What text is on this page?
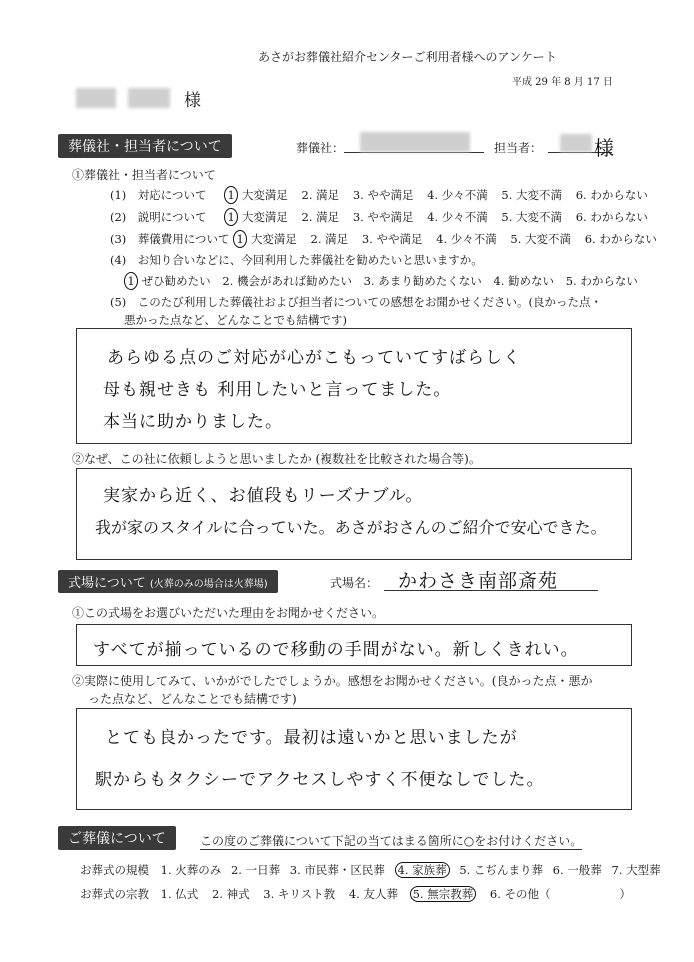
あさがお葬儀社紹介センターご利用者様へのアンケート
平成 29 年 8 月 17 日
様
葬儀社・担当者について	葬儀社：	担当者：	様
①葬儀社・担当者について
(1)　対応について 1 大変満足 2. 満足 3. やや満足 4. 少々不満 5. 大変不満 6. わからない
(2)　説明について 1 大変満足 2. 満足 3. やや満足 4. 少々不満 5. 大変不満 6. わからない
(3)　葬儀費用について 1 大変満足 2. 満足 3. やや満足 4. 少々不満 5. 大変不満 6. わからない
(4)　お知り合いなどに、今回利用した葬儀社を勧めたいと思いますか。
1 ぜひ勧めたい 2. 機会があれば勧めたい 3. あまり勧めたくない 4. 勧めない 5. わからない
(5)　このたび利用した葬儀社および担当者についての感想をお聞かせください。(良かった点・
悪かった点など、どんなことでも結構です)
あらゆる点のご対応が心がこもっていてすばらしく
母も親せきも 利用したいと言ってました。
本当に助かりました。
②なぜ、この社に依頼しようと思いましたか (複数社を比較された場合等)。
実家から近く、お値段もリーズナブル。
我が家のスタイルに合っていた。あさがおさんのご紹介で安心できた。
式場について (火葬のみの場合は火葬場)	式場名： かわさき南部斎苑
①この式場をお選びいただいた理由をお聞かせください。
すべてが揃っているので移動の手間がない。新しくきれい。
②実際に使用してみて、いかがでしたでしょうか。感想をお聞かせください。(良かった点・悪か
った点など、どんなことでも結構です)
とても良かったです。最初は遠いかと思いましたが
駅からもタクシーでアクセスしやすく不便なしでした。
ご葬儀について	この度のご葬儀について下記の当てはまる箇所に○をお付けください。
お葬式の規模 1. 火葬のみ 2. 一日葬 3. 市民葬・区民葬 4. 家族葬 5. こぢんまり葬 6. 一般葬 7. 大型葬
お葬式の宗教 1. 仏式 2. 神式 3. キリスト教 4. 友人葬 5. 無宗教葬 6. その他（　　　　　　）
